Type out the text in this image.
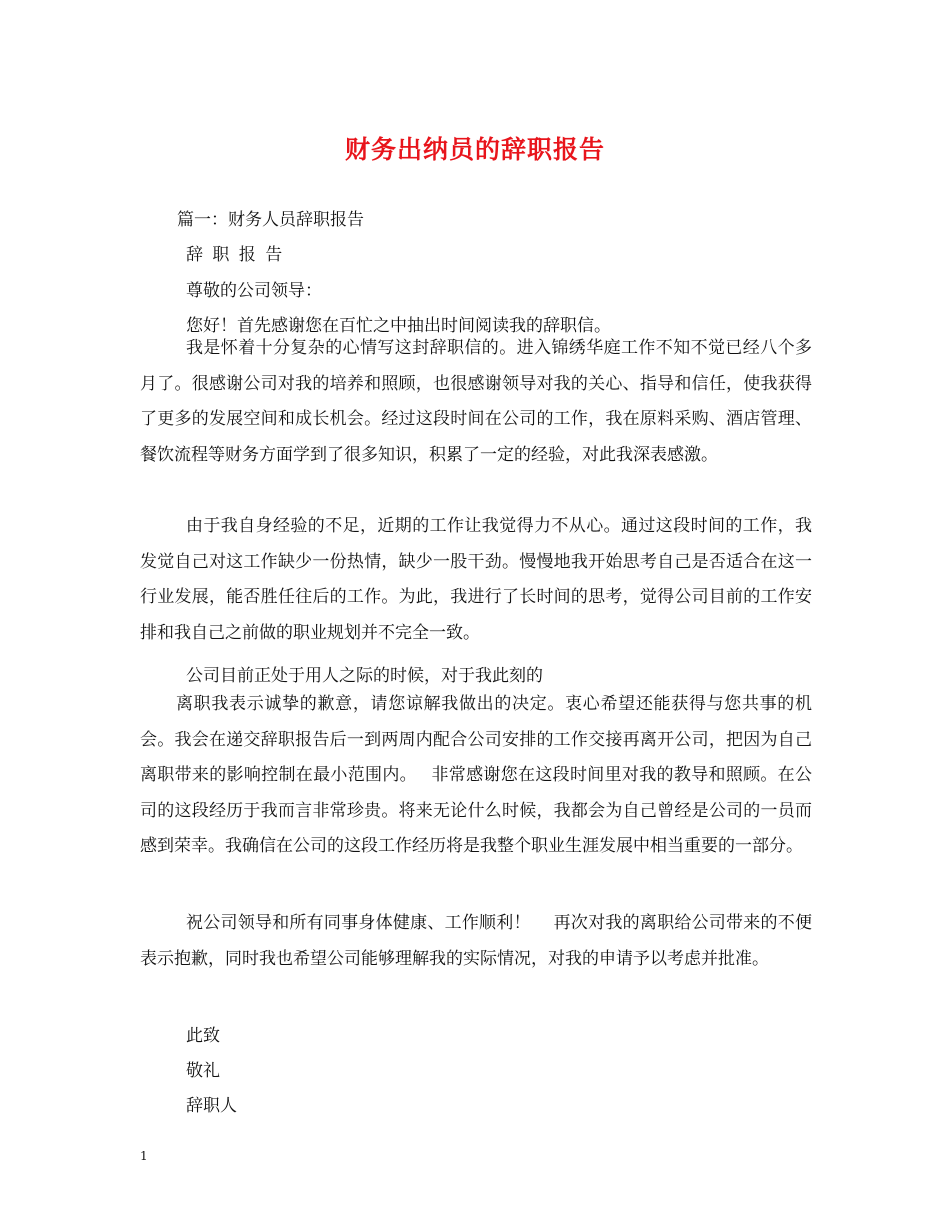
财务出纳员的辞职报告
篇一：财务人员辞职报告
辞 职 报 告
尊敬的公司领导：
您好！首先感谢您在百忙之中抽出时间阅读我的辞职信。

我是怀着十分复杂的心情写这封辞职信的。进入锦绣华庭工作不知不觉已经八个多月了。很感谢公司对我的培养和照顾，也很感谢领导对我的关心、指导和信任，使我获得了更多的发展空间和成长机会。经过这段时间在公司的工作，我在原料采购、酒店管理、餐饮流程等财务方面学到了很多知识，积累了一定的经验，对此我深表感激。

由于我自身经验的不足，近期的工作让我觉得力不从心。通过这段时间的工作，我发觉自己对这工作缺少一份热情，缺少一股干劲。慢慢地我开始思考自己是否适合在这一行业发展，能否胜任往后的工作。为此，我进行了长时间的思考，觉得公司目前的工作安排和我自己之前做的职业规划并不完全一致。

公司目前正处于用人之际的时候，对于我此刻的

离职我表示诚挚的歉意，请您谅解我做出的决定。衷心希望还能获得与您共事的机会。我会在递交辞职报告后一到两周内配合公司安排的工作交接再离开公司，把因为自己离职带来的影响控制在最小范围内。　 非常感谢您在这段时间里对我的教导和照顾。在公司的这段经历于我而言非常珍贵。将来无论什么时候，我都会为自己曾经是公司的一员而感到荣幸。我确信在公司的这段工作经历将是我整个职业生涯发展中相当重要的一部分。

祝公司领导和所有同事身体健康、工作顺利！　 再次对我的离职给公司带来的不便表示抱歉，同时我也希望公司能够理解我的实际情况，对我的申请予以考虑并批准。

此致
敬礼
辞职人
1
